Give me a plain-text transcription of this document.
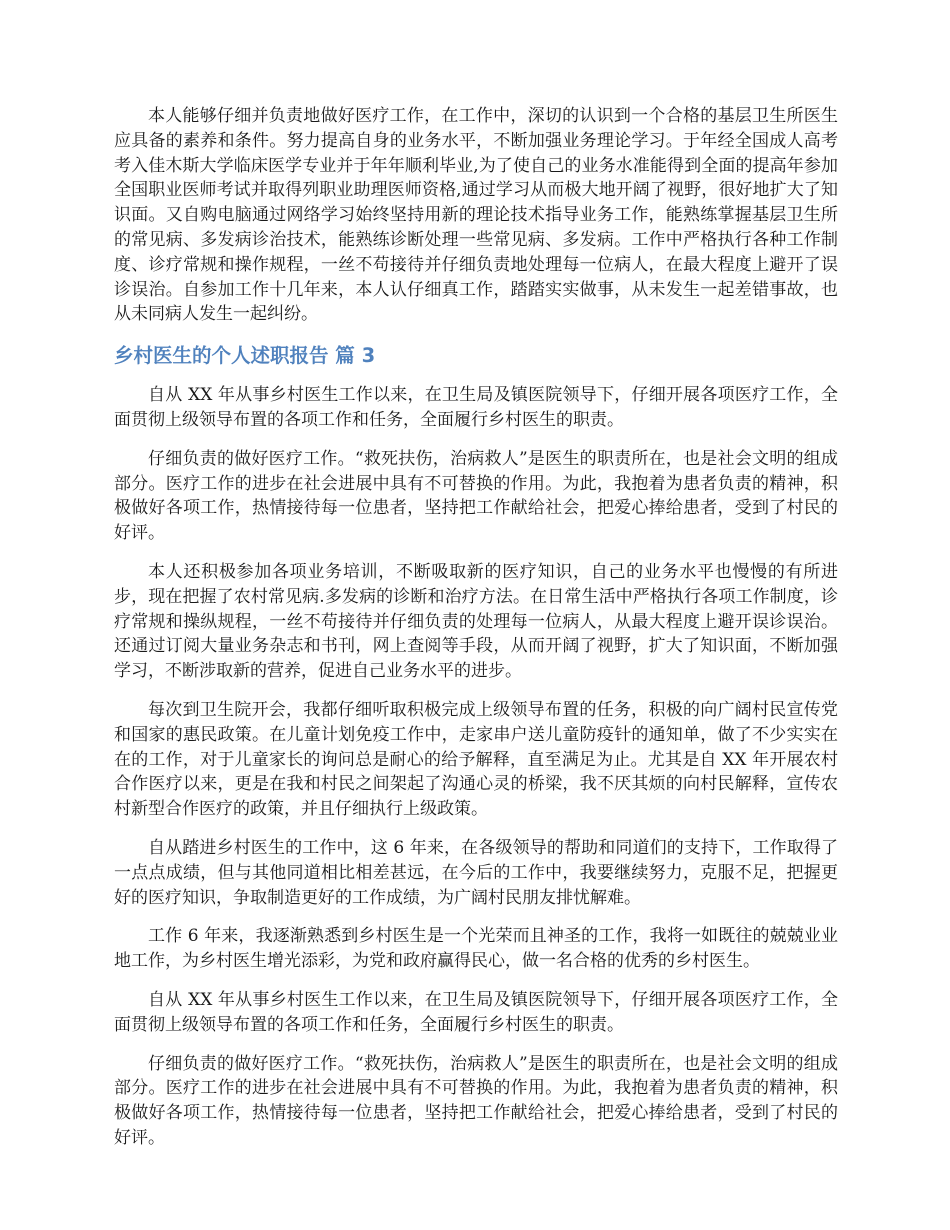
本人能够仔细并负责地做好医疗工作，在工作中，深切的认识到一个合格的基层卫生所医生应具备的素养和条件。努力提高自身的业务水平，不断加强业务理论学习。于年经全国成人高考考入佳木斯大学临床医学专业并于年年顺利毕业,为了使自己的业务水准能得到全面的提高年参加全国职业医师考试并取得列职业助理医师资格,通过学习从而极大地开阔了视野，很好地扩大了知识面。又自购电脑通过网络学习始终坚持用新的理论技术指导业务工作，能熟练掌握基层卫生所的常见病、多发病诊治技术，能熟练诊断处理一些常见病、多发病。工作中严格执行各种工作制度、诊疗常规和操作规程，一丝不苟接待并仔细负责地处理每一位病人，在最大程度上避开了误诊误治。自参加工作十几年来，本人认仔细真工作，踏踏实实做事，从未发生一起差错事故，也从未同病人发生一起纠纷。

乡村医生的个人述职报告 篇 3

自从 XX 年从事乡村医生工作以来，在卫生局及镇医院领导下，仔细开展各项医疗工作，全面贯彻上级领导布置的各项工作和任务，全面履行乡村医生的职责。

仔细负责的做好医疗工作。“救死扶伤，治病救人”是医生的职责所在，也是社会文明的组成部分。医疗工作的进步在社会进展中具有不可替换的作用。为此，我抱着为患者负责的精神，积极做好各项工作，热情接待每一位患者，坚持把工作献给社会，把爱心捧给患者，受到了村民的好评。

本人还积极参加各项业务培训，不断吸取新的医疗知识，自己的业务水平也慢慢的有所进步，现在把握了农村常见病.多发病的诊断和治疗方法。在日常生活中严格执行各项工作制度，诊疗常规和操纵规程，一丝不苟接待并仔细负责的处理每一位病人，从最大程度上避开误诊误治。还通过订阅大量业务杂志和书刊，网上查阅等手段，从而开阔了视野，扩大了知识面，不断加强学习，不断涉取新的营养，促进自己业务水平的进步。

每次到卫生院开会，我都仔细听取积极完成上级领导布置的任务，积极的向广阔村民宣传党和国家的惠民政策。在儿童计划免疫工作中，走家串户送儿童防疫针的通知单，做了不少实实在在的工作，对于儿童家长的询问总是耐心的给予解释，直至满足为止。尤其是自 XX 年开展农村合作医疗以来，更是在我和村民之间架起了沟通心灵的桥梁，我不厌其烦的向村民解释，宣传农村新型合作医疗的政策，并且仔细执行上级政策。

自从踏进乡村医生的工作中，这 6 年来，在各级领导的帮助和同道们的支持下，工作取得了一点点成绩，但与其他同道相比相差甚远，在今后的工作中，我要继续努力，克服不足，把握更好的医疗知识，争取制造更好的工作成绩，为广阔村民朋友排忧解难。

工作 6 年来，我逐渐熟悉到乡村医生是一个光荣而且神圣的工作，我将一如既往的兢兢业业地工作，为乡村医生增光添彩，为党和政府赢得民心，做一名合格的优秀的乡村医生。

自从 XX 年从事乡村医生工作以来，在卫生局及镇医院领导下，仔细开展各项医疗工作，全面贯彻上级领导布置的各项工作和任务，全面履行乡村医生的职责。

仔细负责的做好医疗工作。“救死扶伤，治病救人”是医生的职责所在，也是社会文明的组成部分。医疗工作的进步在社会进展中具有不可替换的作用。为此，我抱着为患者负责的精神，积极做好各项工作，热情接待每一位患者，坚持把工作献给社会，把爱心捧给患者，受到了村民的好评。
